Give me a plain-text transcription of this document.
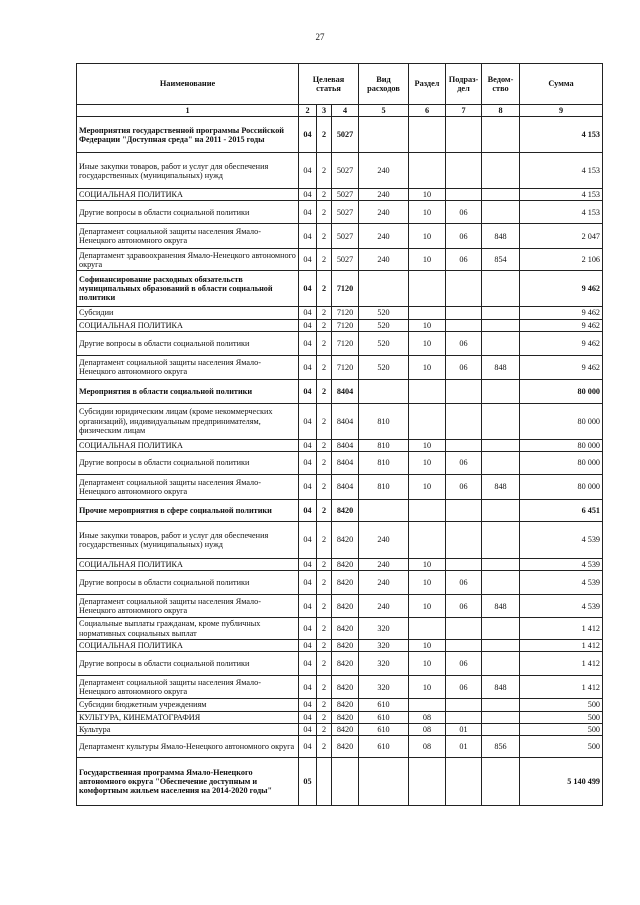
27
Наименование	Целевая статья			Вид расходов	Раздел	Подраз-дел	Ведом-ство	Сумма
1	2	3	4	5	6	7	8	9
Мероприятия государственной программы Российской Федерации "Доступная среда" на 2011 - 2015 годы	04	2	5027					4 153
Иные закупки товаров, работ и услуг для обеспечения государственных (муниципальных) нужд	04	2	5027	240				4 153
СОЦИАЛЬНАЯ ПОЛИТИКА	04	2	5027	240	10			4 153
Другие вопросы в области социальной политики	04	2	5027	240	10	06		4 153
Департамент социальной защиты населения Ямало-Ненецкого автономного округа	04	2	5027	240	10	06	848	2 047
Департамент здравоохранения Ямало-Ненецкого автономного округа	04	2	5027	240	10	06	854	2 106
Софинансирование расходных обязательств муниципальных образований в области социальной политики	04	2	7120					9 462
Субсидии	04	2	7120	520				9 462
СОЦИАЛЬНАЯ ПОЛИТИКА	04	2	7120	520	10			9 462
Другие вопросы в области социальной политики	04	2	7120	520	10	06		9 462
Департамент социальной защиты населения Ямало-Ненецкого автономного округа	04	2	7120	520	10	06	848	9 462
Мероприятия в области социальной политики	04	2	8404					80 000
Субсидии юридическим лицам (кроме некоммерческих организаций), индивидуальным предпринимателям, физическим лицам	04	2	8404	810				80 000
СОЦИАЛЬНАЯ ПОЛИТИКА	04	2	8404	810	10			80 000
Другие вопросы в области социальной политики	04	2	8404	810	10	06		80 000
Департамент социальной защиты населения Ямало-Ненецкого автономного округа	04	2	8404	810	10	06	848	80 000
Прочие мероприятия в сфере социальной политики	04	2	8420					6 451
Иные закупки товаров, работ и услуг для обеспечения государственных (муниципальных) нужд	04	2	8420	240				4 539
СОЦИАЛЬНАЯ ПОЛИТИКА	04	2	8420	240	10			4 539
Другие вопросы в области социальной политики	04	2	8420	240	10	06		4 539
Департамент социальной защиты населения Ямало-Ненецкого автономного округа	04	2	8420	240	10	06	848	4 539
Социальные выплаты гражданам, кроме публичных нормативных социальных выплат	04	2	8420	320				1 412
СОЦИАЛЬНАЯ ПОЛИТИКА	04	2	8420	320	10			1 412
Другие вопросы в области социальной политики	04	2	8420	320	10	06		1 412
Департамент социальной защиты населения Ямало-Ненецкого автономного округа	04	2	8420	320	10	06	848	1 412
Субсидии бюджетным учреждениям	04	2	8420	610				500
КУЛЬТУРА, КИНЕМАТОГРАФИЯ	04	2	8420	610	08			500
Культура	04	2	8420	610	08	01		500
Департамент культуры Ямало-Ненецкого автономного округа	04	2	8420	610	08	01	856	500
Государственная программа Ямало-Ненецкого автономного округа "Обеспечение доступным и комфортным жильем населения на 2014-2020 годы"	05							5 140 499
